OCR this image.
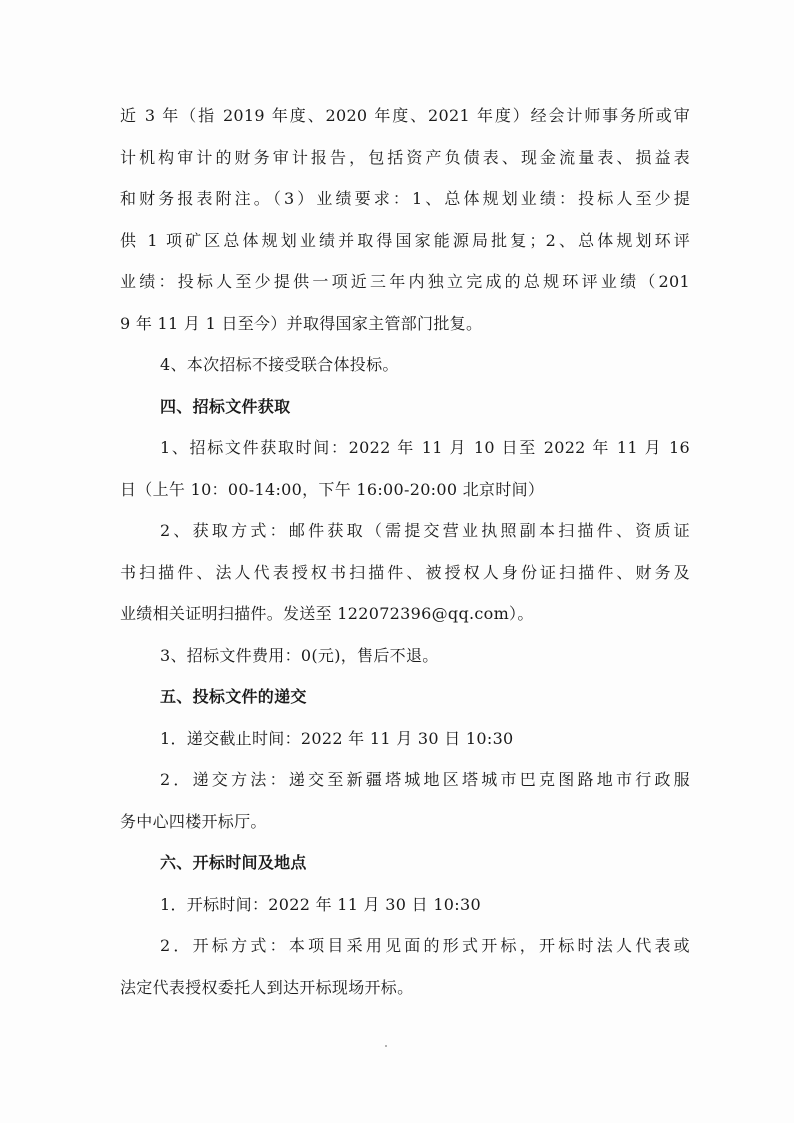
近 3 年（指 2019 年度、2020 年度、2021 年度）经会计师事务所或审
计机构审计的财务审计报告，包括资产负债表、现金流量表、损益表
和财务报表附注。（3）业绩要求：1、总体规划业绩：投标人至少提
供 1 项矿区总体规划业绩并取得国家能源局批复；2、总体规划环评
业绩：投标人至少提供一项近三年内独立完成的总规环评业绩（201
9 年 11 月 1 日至今）并取得国家主管部门批复。
4、本次招标不接受联合体投标。
四、招标文件获取
1、招标文件获取时间：2022 年 11 月 10 日至 2022 年 11 月 16
日（上午 10：00-14:00，下午 16:00-20:00 北京时间）
2、获取方式：邮件获取（需提交营业执照副本扫描件、资质证
书扫描件、法人代表授权书扫描件、被授权人身份证扫描件、财务及
业绩相关证明扫描件。发送至 122072396@qq.com）。
3、招标文件费用：0(元)，售后不退。
五、投标文件的递交
1．递交截止时间：2022 年 11 月 30 日 10:30
2．递交方法：递交至新疆塔城地区塔城市巴克图路地市行政服
务中心四楼开标厅。
六、开标时间及地点
1．开标时间：2022 年 11 月 30 日 10:30
2．开标方式：本项目采用见面的形式开标，开标时法人代表或
法定代表授权委托人到达开标现场开标。
